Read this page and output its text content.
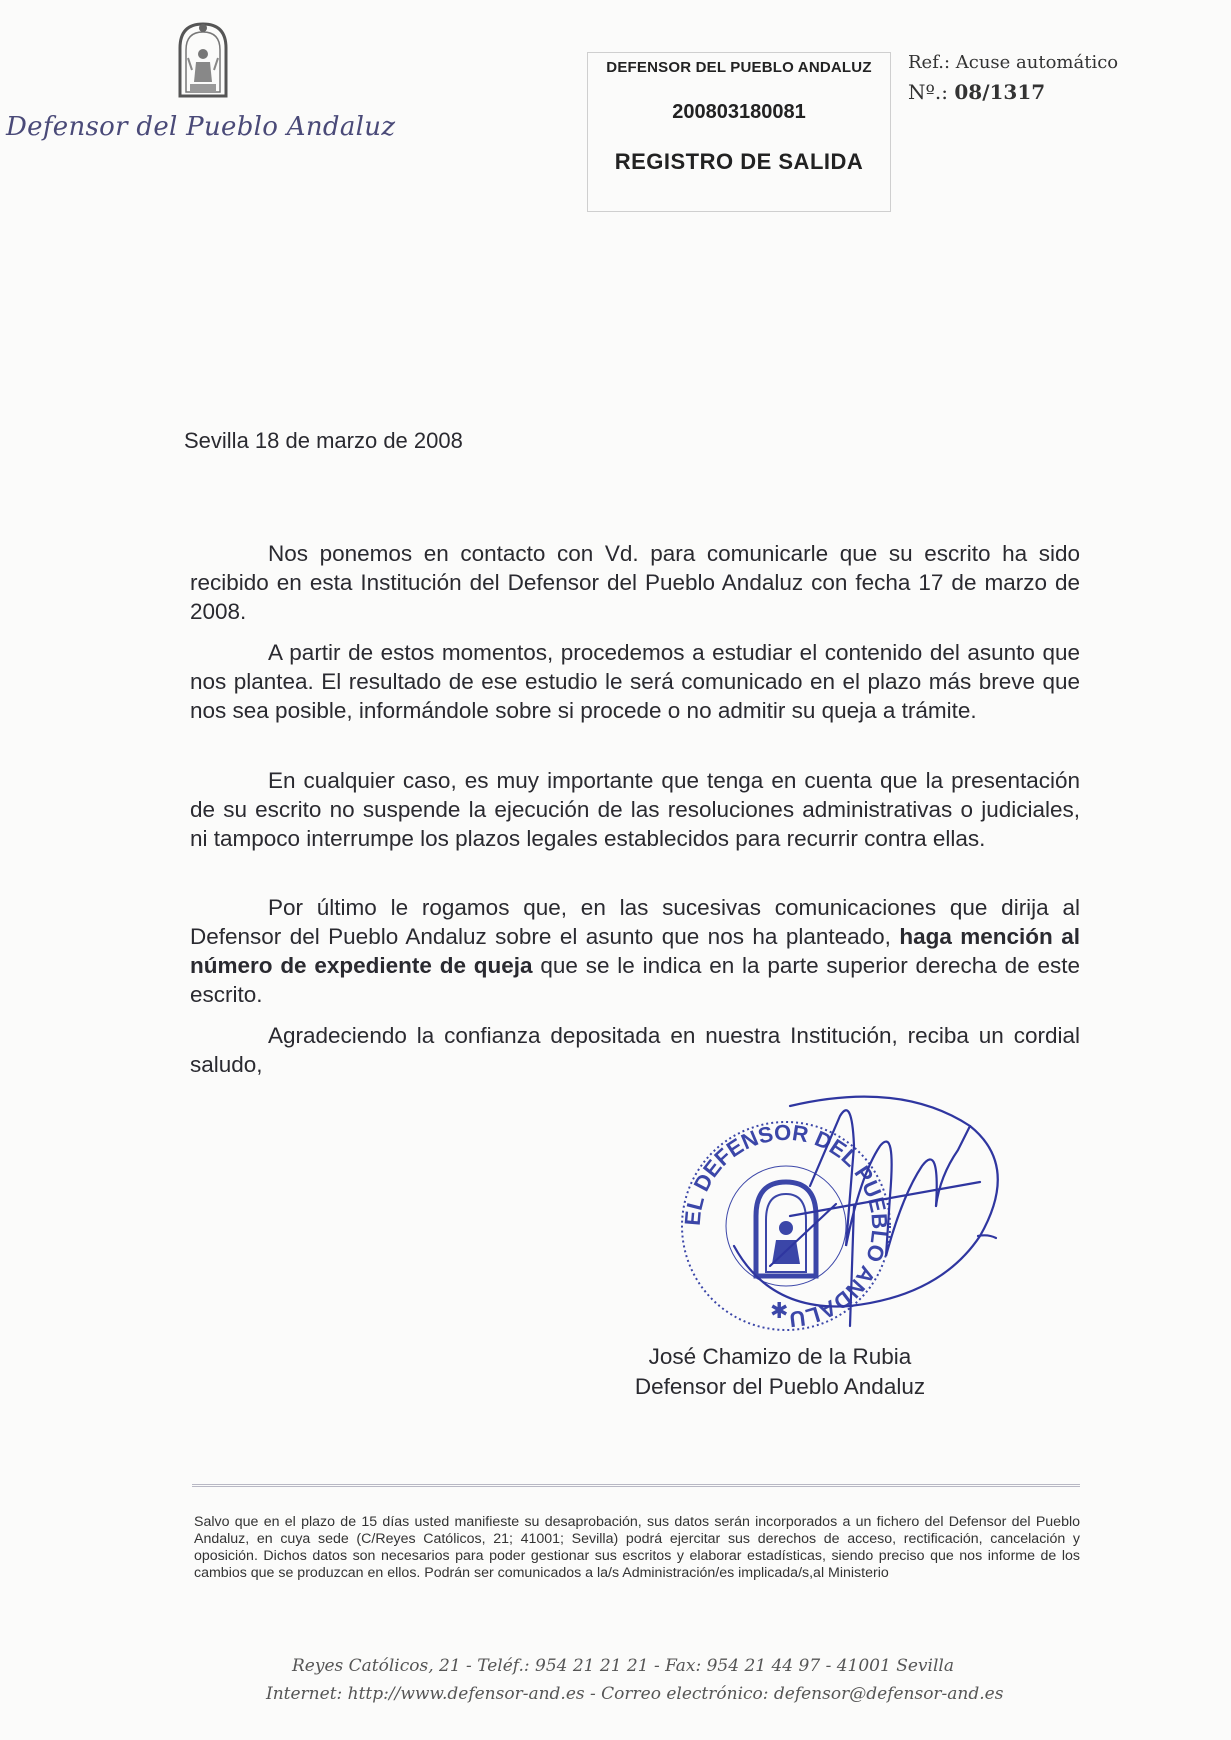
Defensor del Pueblo Andaluz
DEFENSOR DEL PUEBLO ANDALUZ
200803180081
REGISTRO DE SALIDA
Ref.: Acuse automático
Nº.: 08/1317
Sevilla 18 de marzo de 2008
Nos ponemos en contacto con Vd. para comunicarle que su escrito ha sido recibido en esta Institución del Defensor del Pueblo Andaluz con fecha 17 de marzo de 2008.
A partir de estos momentos, procedemos a estudiar el contenido del asunto que nos plantea. El resultado de ese estudio le será comunicado en el plazo más breve que nos sea posible, informándole sobre si procede o no admitir su queja a trámite.
En cualquier caso, es muy importante que tenga en cuenta que la presentación de su escrito no suspende la ejecución de las resoluciones administrativas o judiciales, ni tampoco interrumpe los plazos legales establecidos para recurrir contra ellas.
Por último le rogamos que, en las sucesivas comunicaciones que dirija al Defensor del Pueblo Andaluz sobre el asunto que nos ha planteado, haga mención al número de expediente de queja que se le indica en la parte superior derecha de este escrito.
Agradeciendo la confianza depositada en nuestra Institución, reciba un cordial saludo,
EL DEFENSOR DEL PUEBLO ANDALU
✱
José Chamizo de la Rubia
Defensor del Pueblo Andaluz
Salvo que en el plazo de 15 días usted manifieste su desaprobación, sus datos serán incorporados a un fichero del Defensor del Pueblo Andaluz, en cuya sede (C/Reyes Católicos, 21; 41001; Sevilla) podrá ejercitar sus derechos de acceso, rectificación, cancelación y oposición. Dichos datos son necesarios para poder gestionar sus escritos y elaborar estadísticas, siendo preciso que nos informe de los cambios que se produzcan en ellos. Podrán ser comunicados a la/s Administración/es implicada/s,al Ministerio
Reyes Católicos, 21 - Teléf.: 954 21 21 21 - Fax: 954 21 44 97 - 41001 Sevilla
Internet: http://www.defensor-and.es - Correo electrónico: defensor@defensor-and.es
